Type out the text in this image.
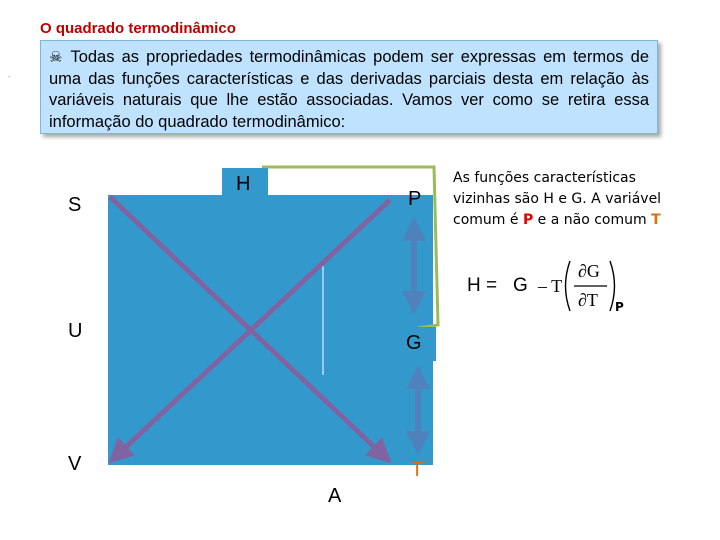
O quadrado termodinâmico
.
☠ Todas as propriedades termodinâmicas podem ser expressas em termos de uma das funções características e das derivadas parciais desta em relação às variáveis naturais que lhe estão associadas. Vamos ver como se retira essa informação do quadrado termodinâmico:
S
H
P
U
G
V	T
A
As funções características vizinhas são H e G. A variável comum é P e a não comum T
H = G – T
∂G
∂T P
